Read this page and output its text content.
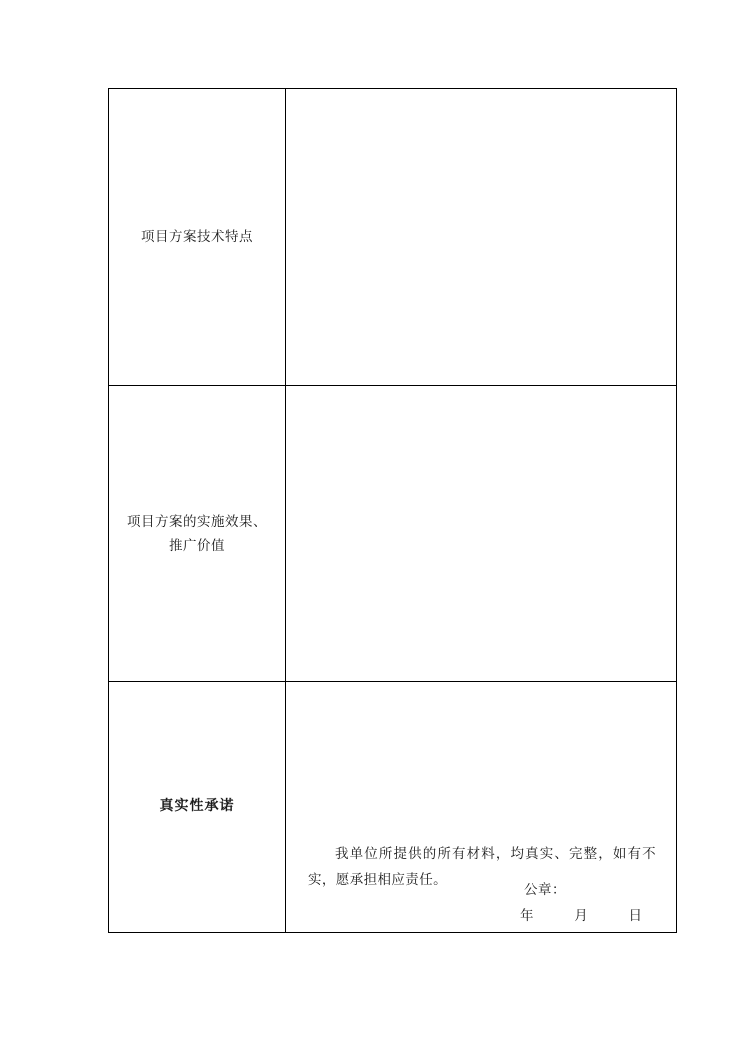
项目方案技术特点	

项目方案的实施效果、
推广价值	

真实性承诺	我单位所提供的所有材料，均真实、完整，如有不实，愿承担相应责任。
公章：
年 月 日
